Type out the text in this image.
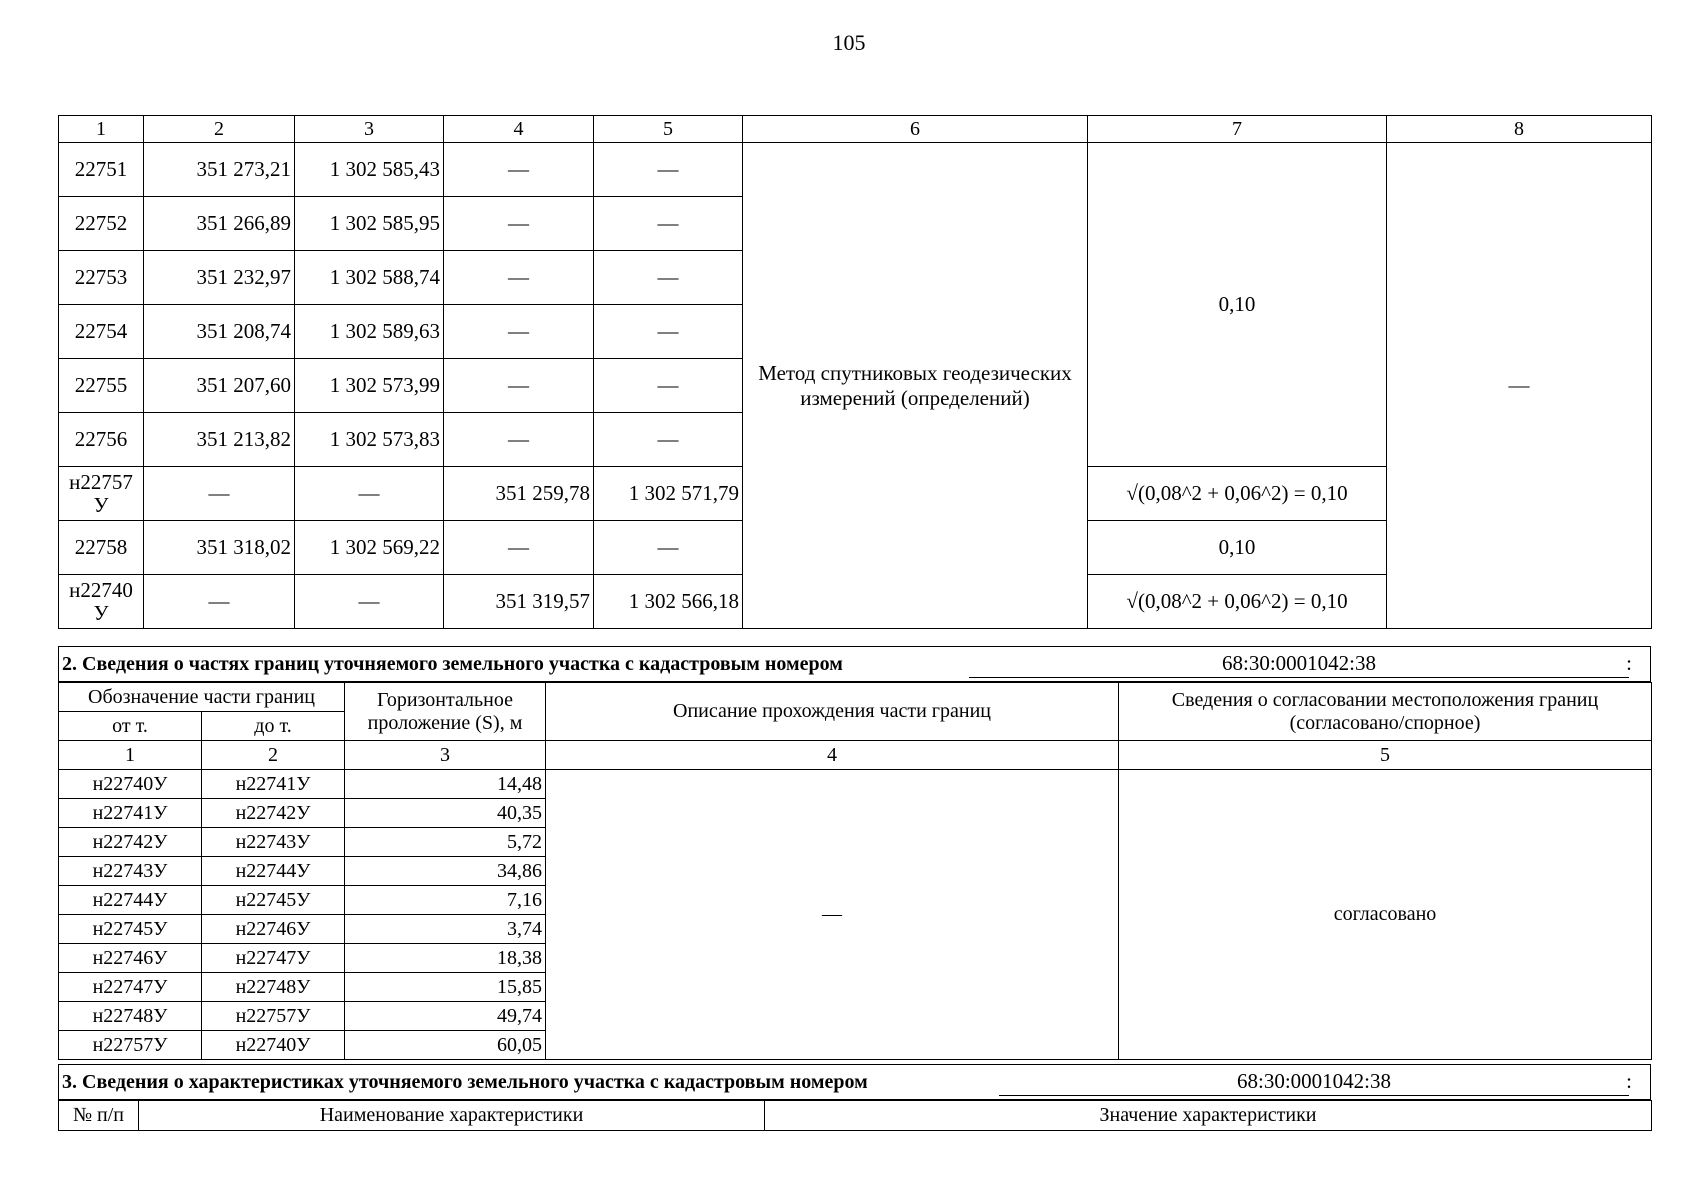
105
1	2	3	4	5	6	7	8
22751	351 273,21	1 302 585,43	—	—	Метод спутниковых геодезических измерений (определений)	0,10	—
22752	351 266,89	1 302 585,95	—	—			
22753	351 232,97	1 302 588,74	—	—			
22754	351 208,74	1 302 589,63	—	—			
22755	351 207,60	1 302 573,99	—	—			
22756	351 213,82	1 302 573,83	—	—			
н22757 У	—	—	351 259,78	1 302 571,79		√(0,08^2 + 0,06^2) = 0,10	
22758	351 318,02	1 302 569,22	—	—		0,10	
н22740 У	—	—	351 319,57	1 302 566,18		√(0,08^2 + 0,06^2) = 0,10	
2. Сведения о частях границ уточняемого земельного участка с кадастровым номером	68:30:0001042:38	:
Обозначение части границ		Горизонтальное проложение (S), м	Описание прохождения части границ	Сведения о согласовании местоположения границ (согласовано/спорное)
от т.	до т.			
1	2	3	4	5
н22740У	н22741У	14,48	—	согласовано
н22741У	н22742У	40,35		
н22742У	н22743У	5,72		
н22743У	н22744У	34,86		
н22744У	н22745У	7,16		
н22745У	н22746У	3,74		
н22746У	н22747У	18,38		
н22747У	н22748У	15,85		
н22748У	н22757У	49,74		
н22757У	н22740У	60,05		
3. Сведения о характеристиках уточняемого земельного участка с кадастровым номером	68:30:0001042:38	:
№ п/п	Наименование характеристики	Значение характеристики
